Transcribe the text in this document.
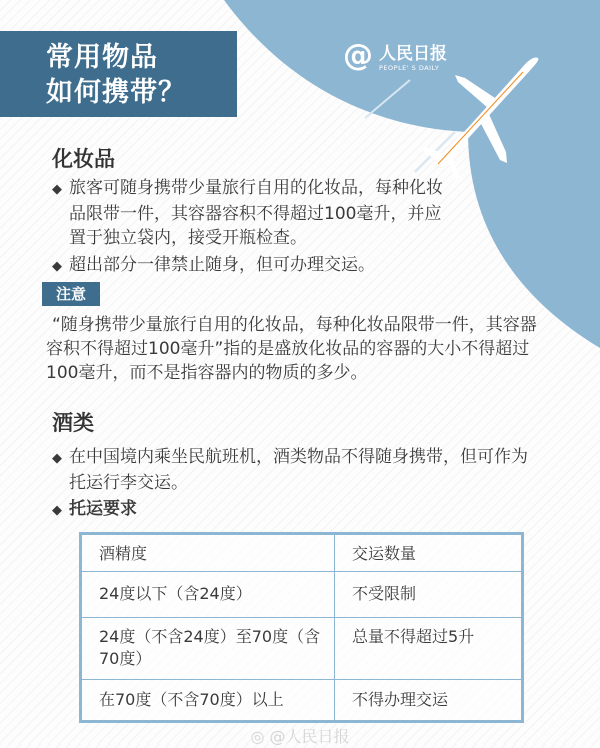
常用物品
如何携带？
@ 人民日报
PEOPLE' S DAILY
化妆品
◆ 旅客可随身携带少量旅行自用的化妆品，每种化妆品限带一件，其容器容积不得超过100毫升，并应置于独立袋内，接受开瓶检查。
◆ 超出部分一律禁止随身，但可办理交运。
注意
“随身携带少量旅行自用的化妆品，每种化妆品限带一件，其容器容积不得超过100毫升”指的是盛放化妆品的容器的大小不得超过100毫升，而不是指容器内的物质的多少。
酒类
◆ 在中国境内乘坐民航班机，酒类物品不得随身携带，但可作为托运行李交运。
◆ 托运要求
酒精度	交运数量
24度以下（含24度）	不受限制
24度（不含24度）至70度（含70度）	总量不得超过5升
在70度（不含70度）以上	不得办理交运
◎ @人民日报
